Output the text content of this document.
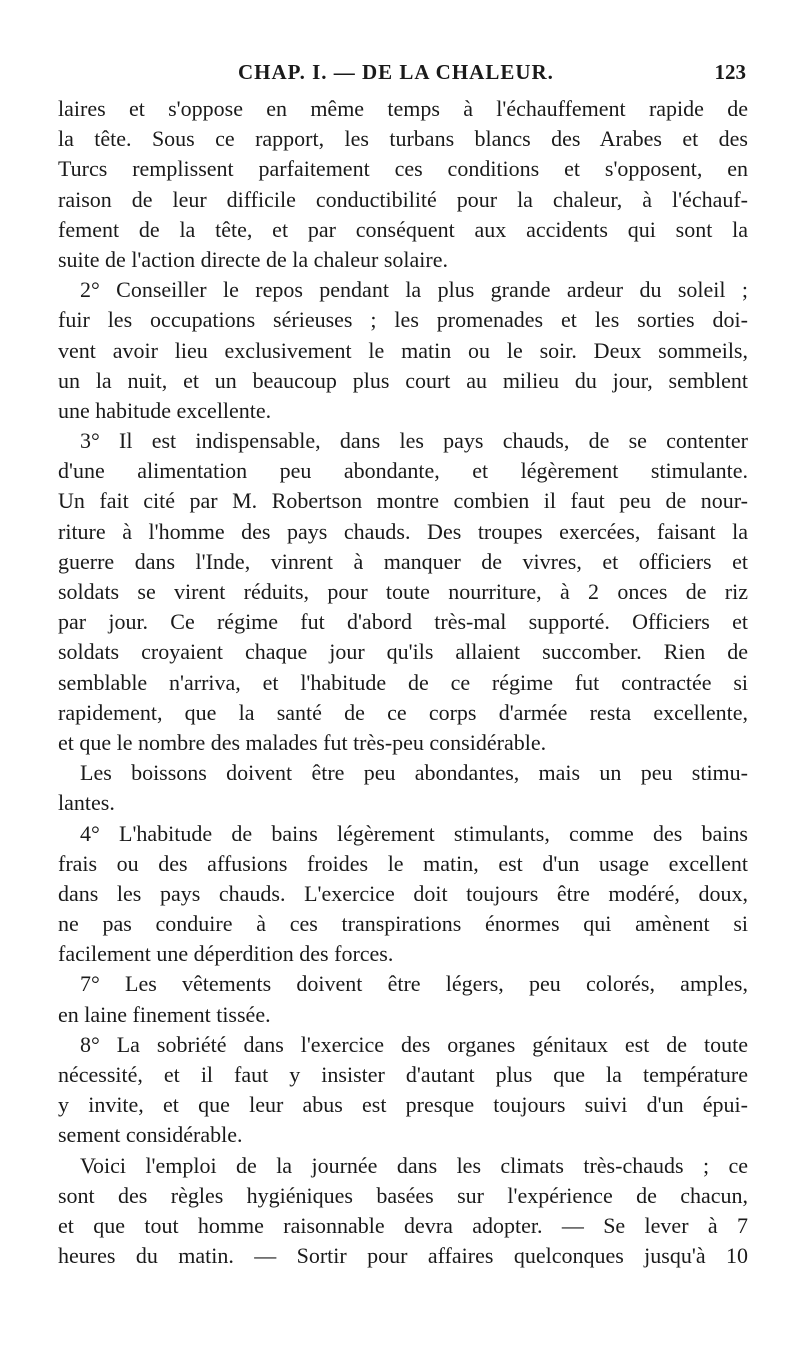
CHAP. I. — DE LA CHALEUR.	123
laires et s'oppose en même temps à l'échauffement rapide de
la tête. Sous ce rapport, les turbans blancs des Arabes et des
Turcs remplissent parfaitement ces conditions et s'opposent, en
raison de leur difficile conductibilité pour la chaleur, à l'échauf-
fement de la tête, et par conséquent aux accidents qui sont la
suite de l'action directe de la chaleur solaire.
2° Conseiller le repos pendant la plus grande ardeur du soleil ;
fuir les occupations sérieuses ; les promenades et les sorties doi-
vent avoir lieu exclusivement le matin ou le soir. Deux sommeils,
un la nuit, et un beaucoup plus court au milieu du jour, semblent
une habitude excellente.
3° Il est indispensable, dans les pays chauds, de se contenter
d'une alimentation peu abondante, et légèrement stimulante.
Un fait cité par M. Robertson montre combien il faut peu de nour-
riture à l'homme des pays chauds. Des troupes exercées, faisant la
guerre dans l'Inde, vinrent à manquer de vivres, et officiers et
soldats se virent réduits, pour toute nourriture, à 2 onces de riz
par jour. Ce régime fut d'abord très-mal supporté. Officiers et
soldats croyaient chaque jour qu'ils allaient succomber. Rien de
semblable n'arriva, et l'habitude de ce régime fut contractée si
rapidement, que la santé de ce corps d'armée resta excellente,
et que le nombre des malades fut très-peu considérable.
Les boissons doivent être peu abondantes, mais un peu stimu-
lantes.
4° L'habitude de bains légèrement stimulants, comme des bains
frais ou des affusions froides le matin, est d'un usage excellent
dans les pays chauds. L'exercice doit toujours être modéré, doux,
ne pas conduire à ces transpirations énormes qui amènent si
facilement une déperdition des forces.
7° Les vêtements doivent être légers, peu colorés, amples,
en laine finement tissée.
8° La sobriété dans l'exercice des organes génitaux est de toute
nécessité, et il faut y insister d'autant plus que la température
y invite, et que leur abus est presque toujours suivi d'un épui-
sement considérable.
Voici l'emploi de la journée dans les climats très-chauds ; ce
sont des règles hygiéniques basées sur l'expérience de chacun,
et que tout homme raisonnable devra adopter. — Se lever à 7
heures du matin. — Sortir pour affaires quelconques jusqu'à 10
